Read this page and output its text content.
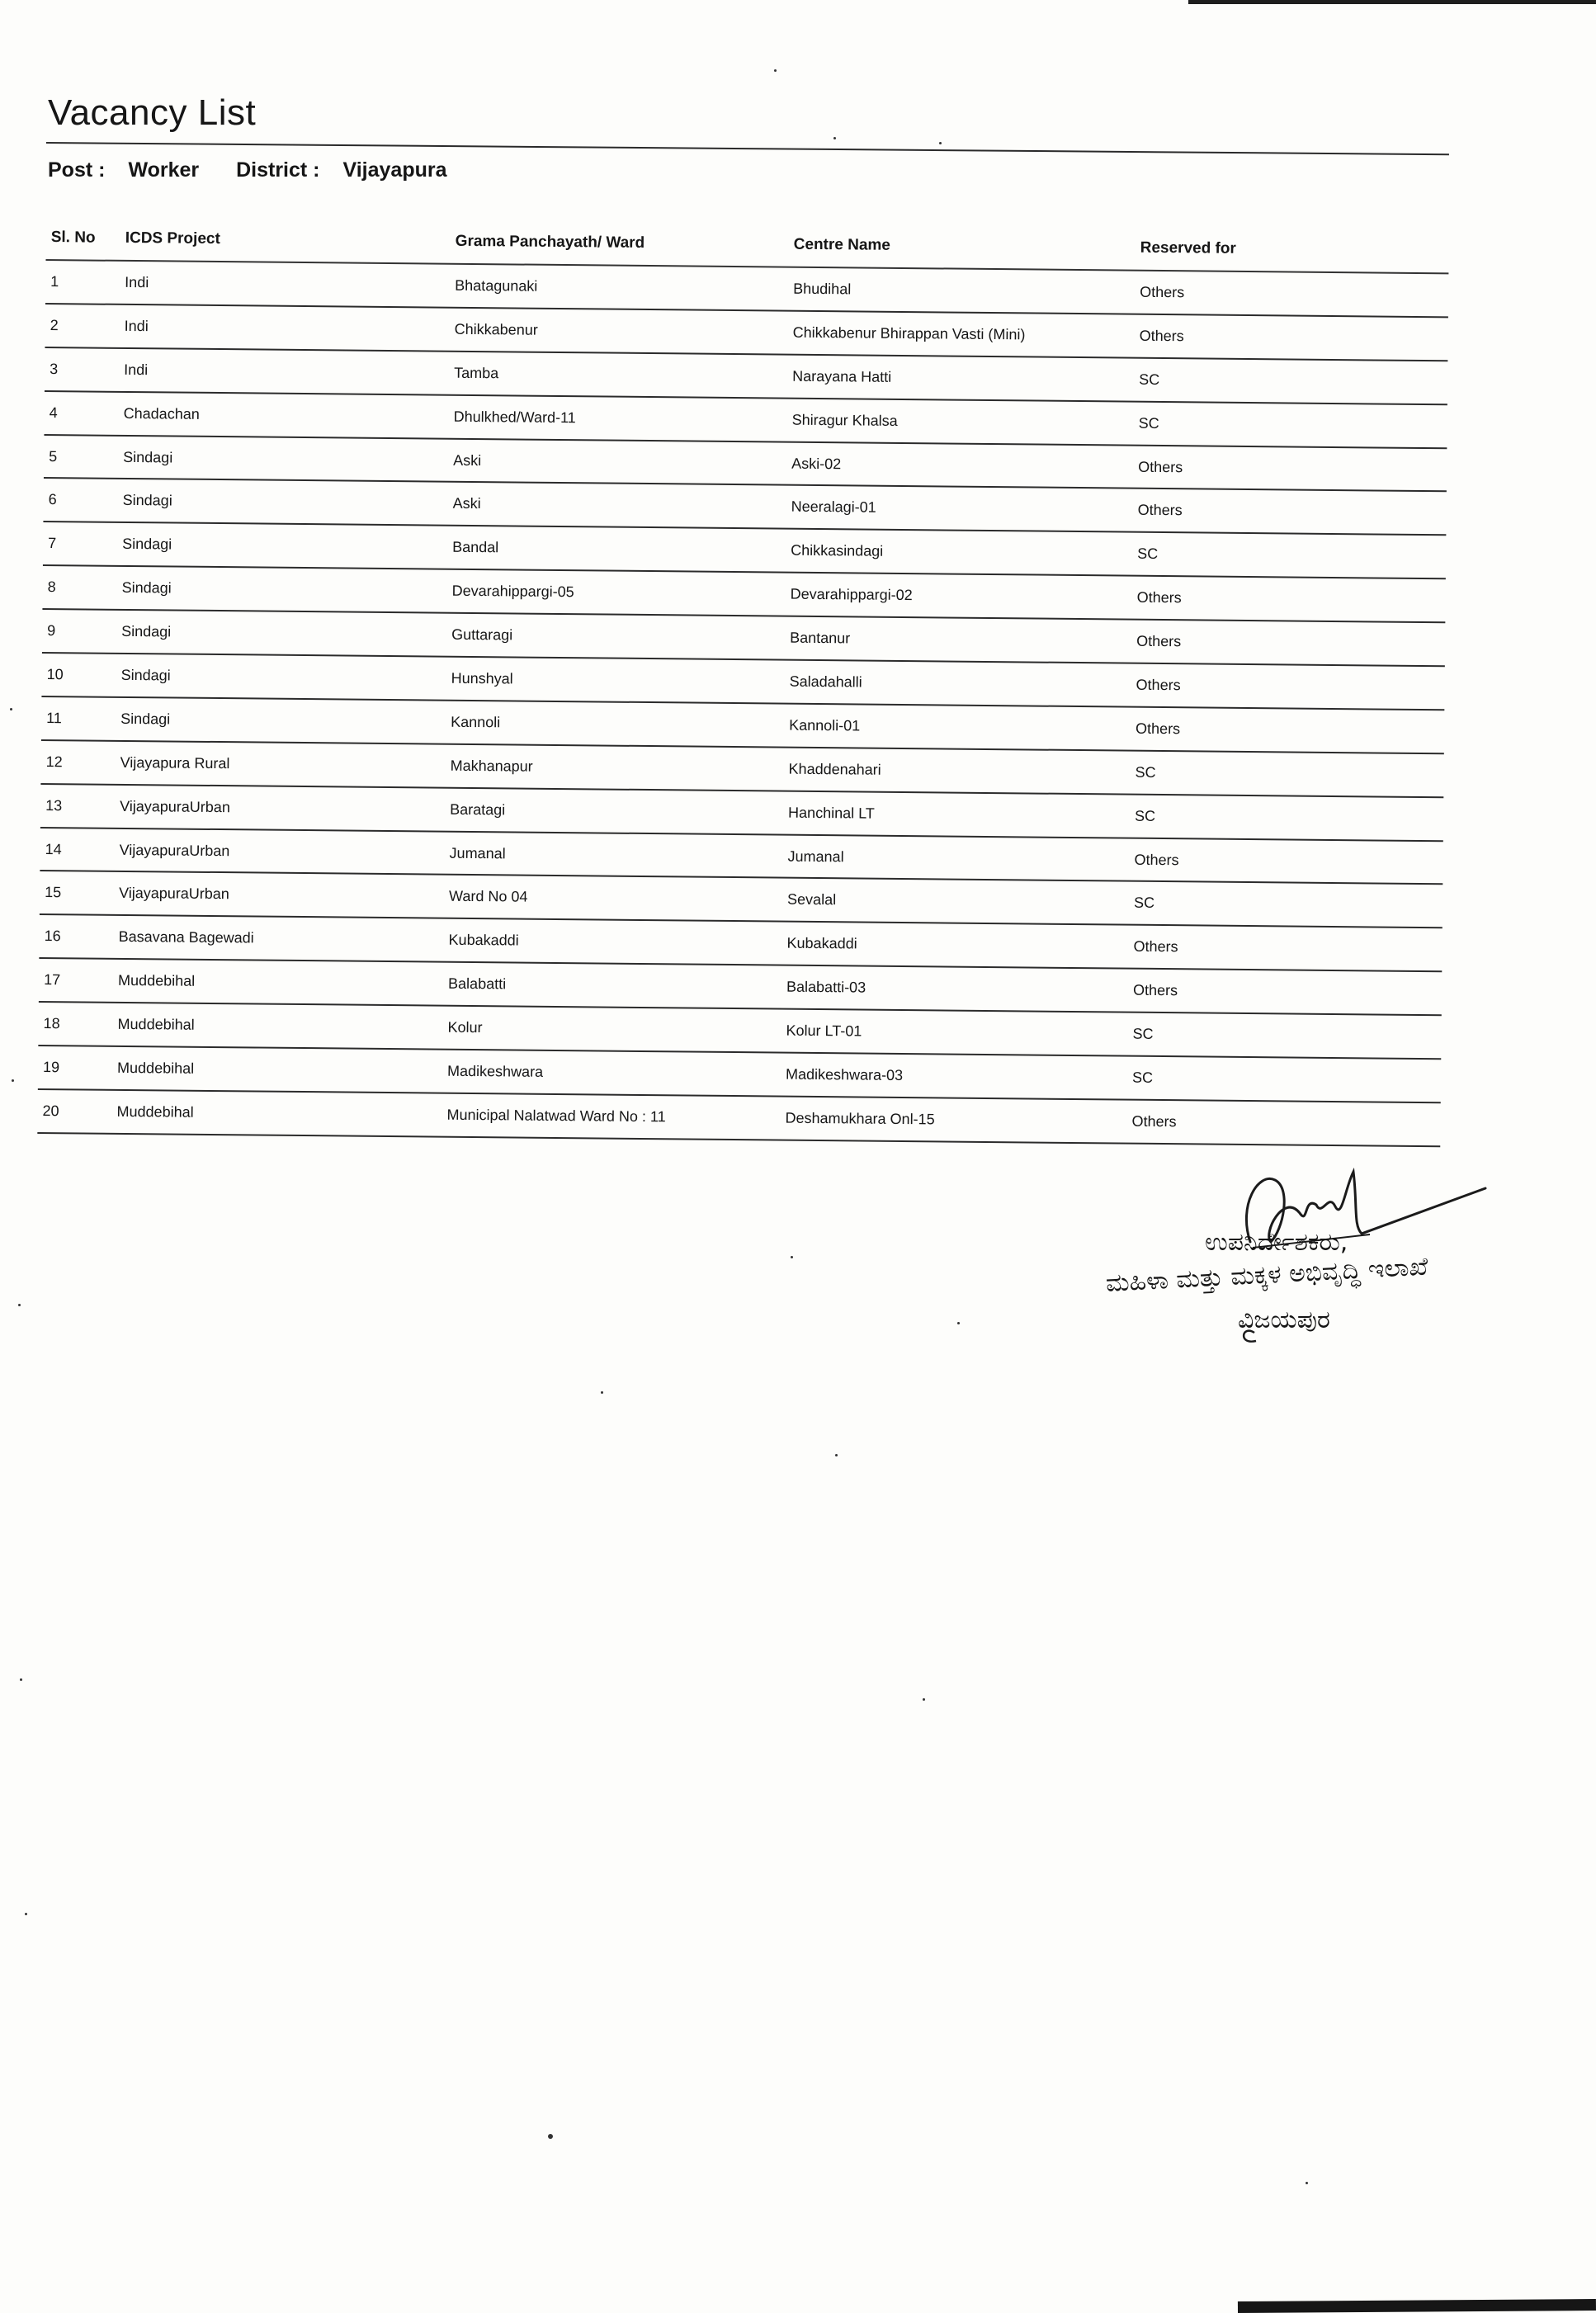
Vacancy List
Post : Worker District : Vijayapura
Sl. No	ICDS Project	Grama Panchayath/ Ward	Centre Name	Reserved for
1	Indi	Bhatagunaki	Bhudihal	Others
2	Indi	Chikkabenur	Chikkabenur Bhirappan Vasti (Mini)	Others
3	Indi	Tamba	Narayana Hatti	SC
4	Chadachan	Dhulkhed/Ward-11	Shiragur Khalsa	SC
5	Sindagi	Aski	Aski-02	Others
6	Sindagi	Aski	Neeralagi-01	Others
7	Sindagi	Bandal	Chikkasindagi	SC
8	Sindagi	Devarahippargi-05	Devarahippargi-02	Others
9	Sindagi	Guttaragi	Bantanur	Others
10	Sindagi	Hunshyal	Saladahalli	Others
11	Sindagi	Kannoli	Kannoli-01	Others
12	Vijayapura Rural	Makhanapur	Khaddenahari	SC
13	VijayapuraUrban	Baratagi	Hanchinal LT	SC
14	VijayapuraUrban	Jumanal	Jumanal	Others
15	VijayapuraUrban	Ward No 04	Sevalal	SC
16	Basavana Bagewadi	Kubakaddi	Kubakaddi	Others
17	Muddebihal	Balabatti	Balabatti-03	Others
18	Muddebihal	Kolur	Kolur LT-01	SC
19	Muddebihal	Madikeshwara	Madikeshwara-03	SC
20	Muddebihal	Municipal Nalatwad Ward No : 11	Deshamukhara Onl-15	Others
ಉಪನಿರ್ದೇಶಕರು,
ಮಹಿಳಾ ಮತ್ತು ಮಕ್ಕಳ ಅಭಿವೃದ್ಧಿ ಇಲಾಖೆ
ವಿಜಯಪುರ
